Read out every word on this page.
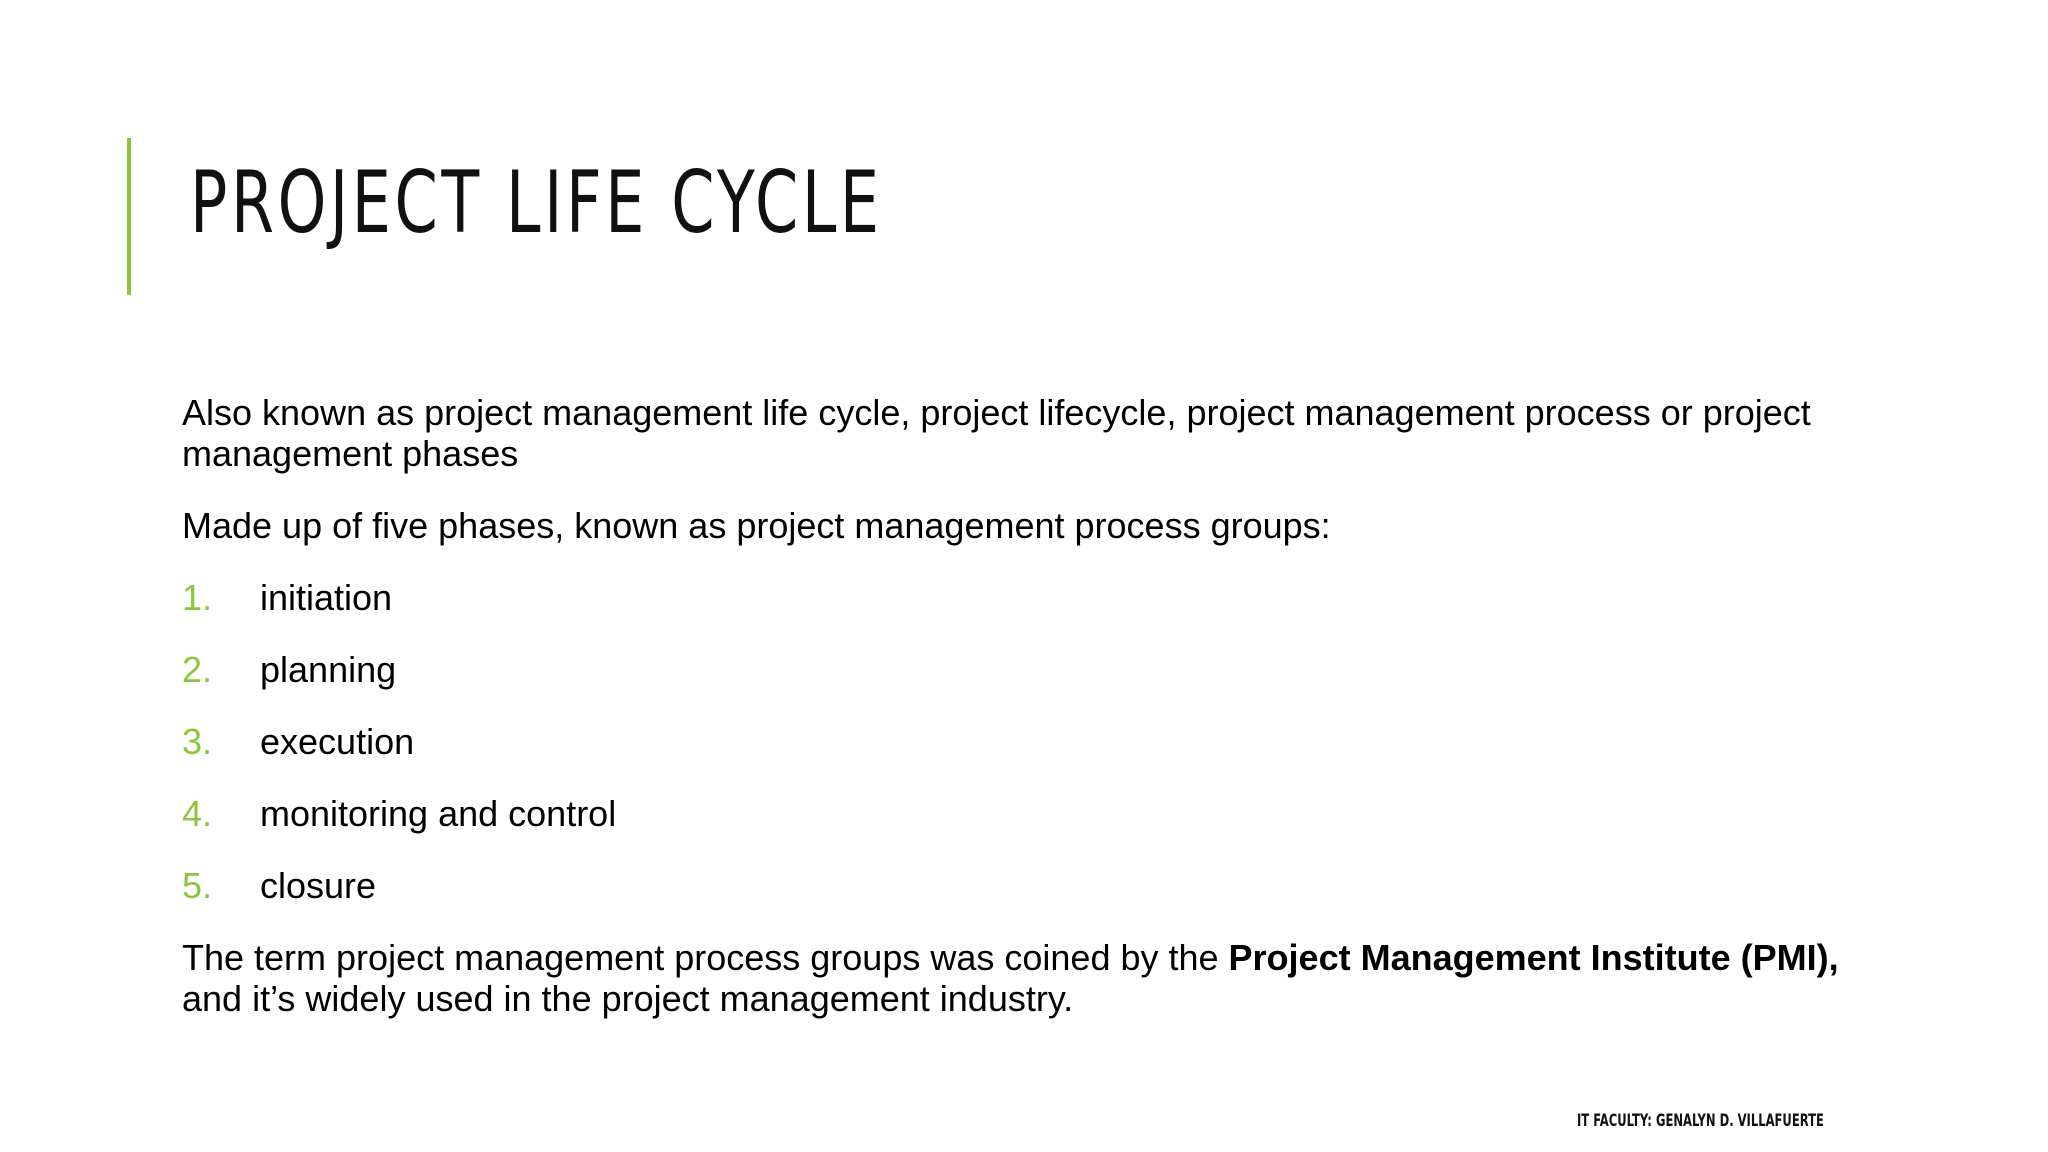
PROJECT LIFE CYCLE

Also known as project management life cycle, project lifecycle, project management process or project management phases

Made up of five phases, known as project management process groups:

1.	initiation
2.	planning
3.	execution
4.	monitoring and control
5.	closure

The term project management process groups was coined by the Project Management Institute (PMI), and it’s widely used in the project management industry.

IT FACULTY: GENALYN D. VILLAFUERTE
